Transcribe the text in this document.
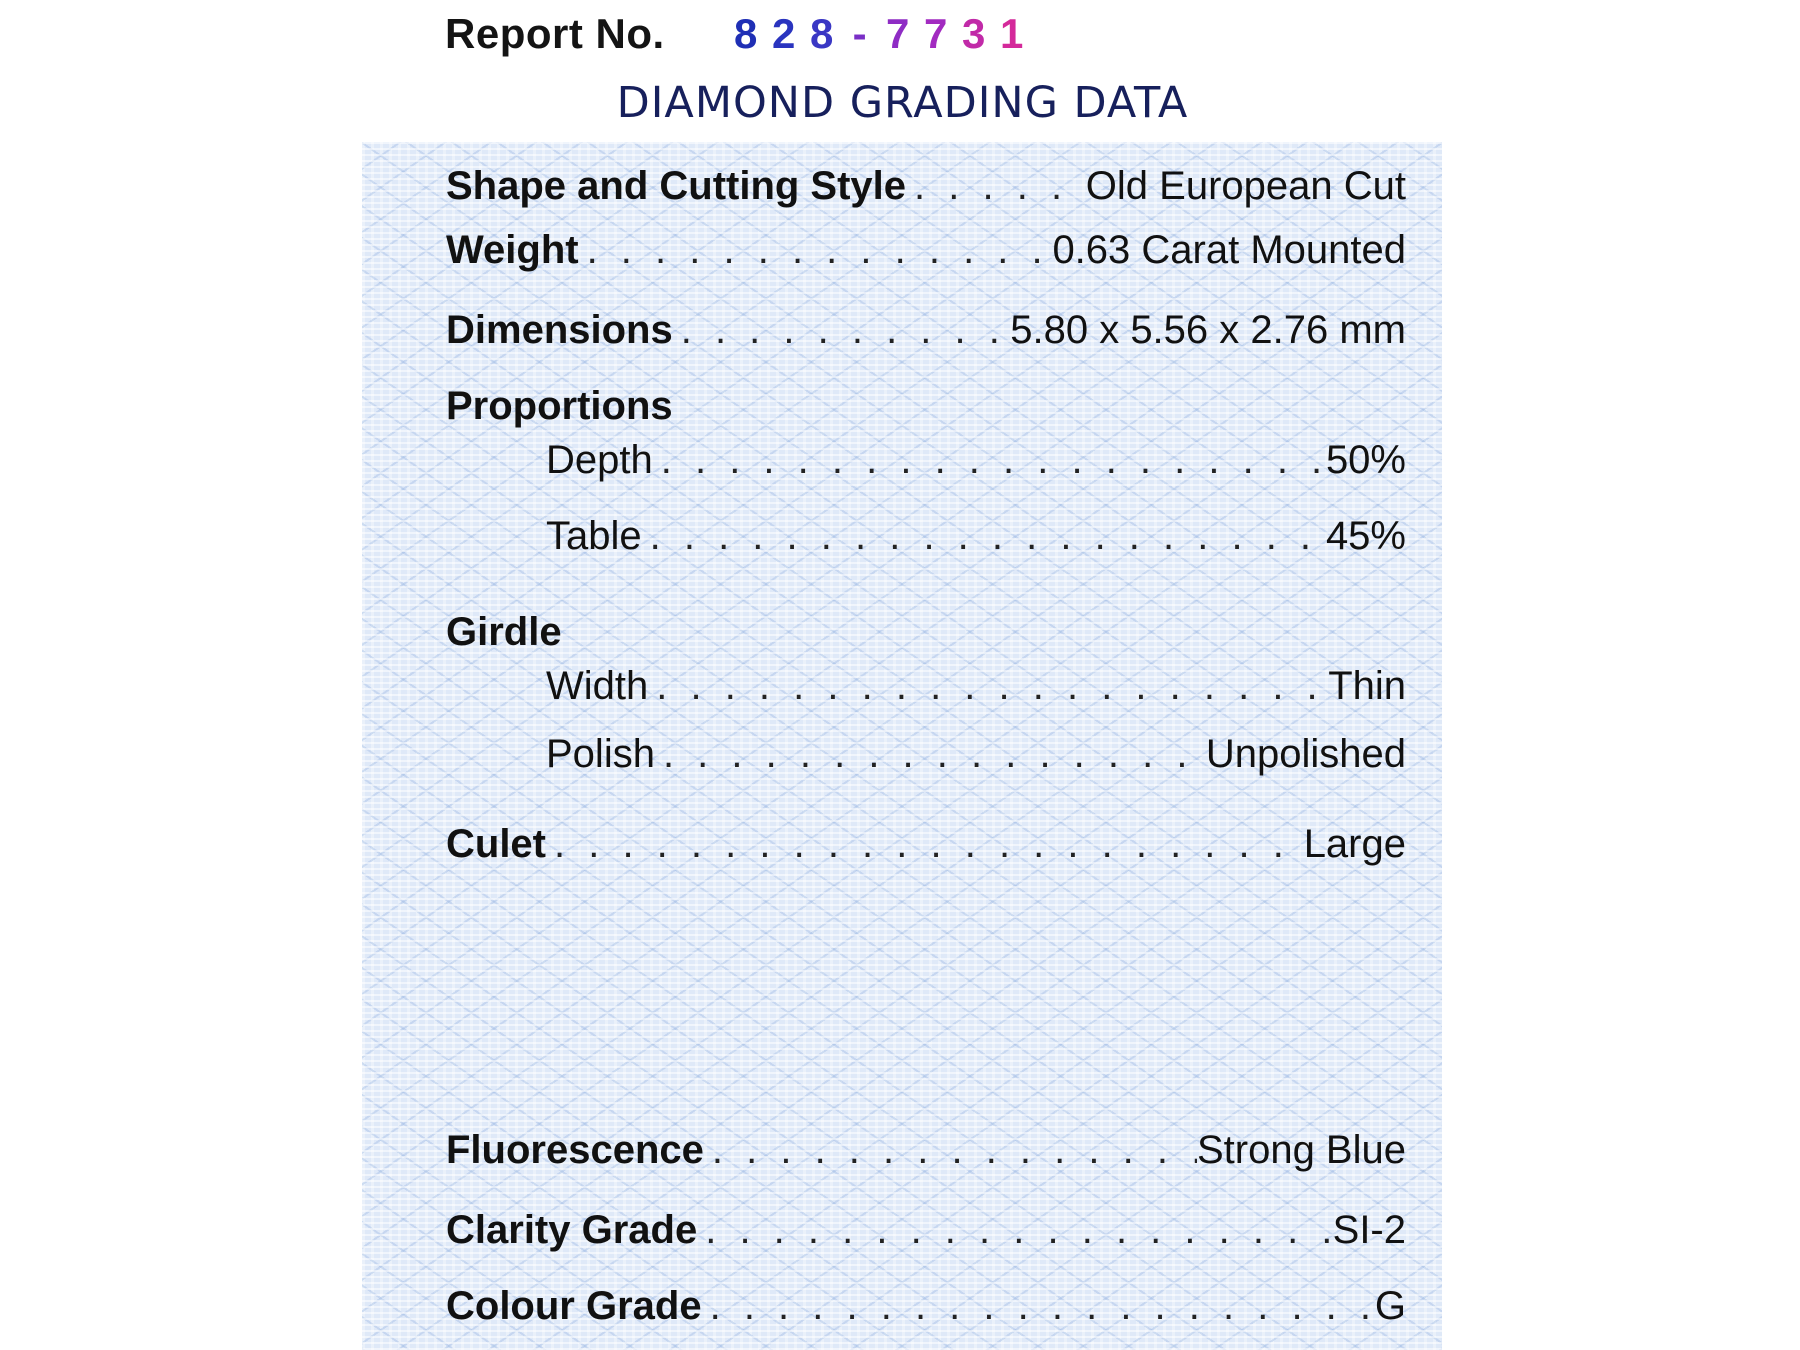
Report No. 8 2 8 - 7 7 3 1
DIAMOND GRADING DATA
Shape and Cutting Style . . .	Old European Cut
Weight . . .	0.63 Carat Mounted
Dimensions . . .	5.80 x 5.56 x 2.76 mm
Proportions
Depth . . .	50%
Table . . .	45%
Girdle
Width . . .	Thin
Polish . . .	Unpolished
Culet . . .	Large
Fluorescence . . .	Strong Blue
Clarity Grade . . .	SI-2
Colour Grade . . .	G
